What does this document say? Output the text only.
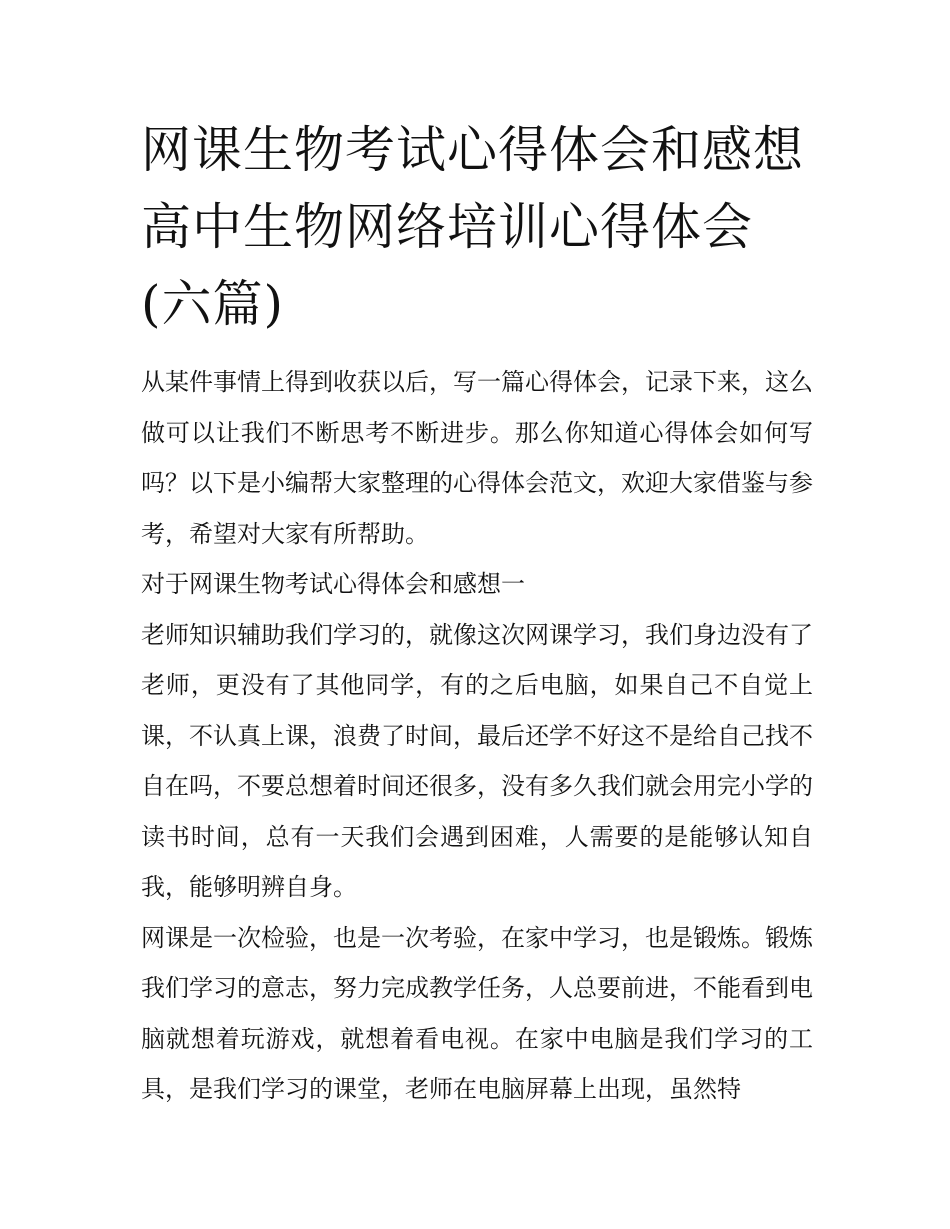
网课生物考试心得体会和感想高中生物网络培训心得体会(六篇)

从某件事情上得到收获以后，写一篇心得体会，记录下来，这么做可以让我们不断思考不断进步。那么你知道心得体会如何写吗？以下是小编帮大家整理的心得体会范文，欢迎大家借鉴与参考，希望对大家有所帮助。

对于网课生物考试心得体会和感想一

老师知识辅助我们学习的，就像这次网课学习，我们身边没有了老师，更没有了其他同学，有的之后电脑，如果自己不自觉上课，不认真上课，浪费了时间，最后还学不好这不是给自己找不自在吗，不要总想着时间还很多，没有多久我们就会用完小学的读书时间，总有一天我们会遇到困难，人需要的是能够认知自我，能够明辨自身。

网课是一次检验，也是一次考验，在家中学习，也是锻炼。锻炼我们学习的意志，努力完成教学任务，人总要前进，不能看到电脑就想着玩游戏，就想着看电视。在家中电脑是我们学习的工具，是我们学习的课堂，老师在电脑屏幕上出现，虽然特
